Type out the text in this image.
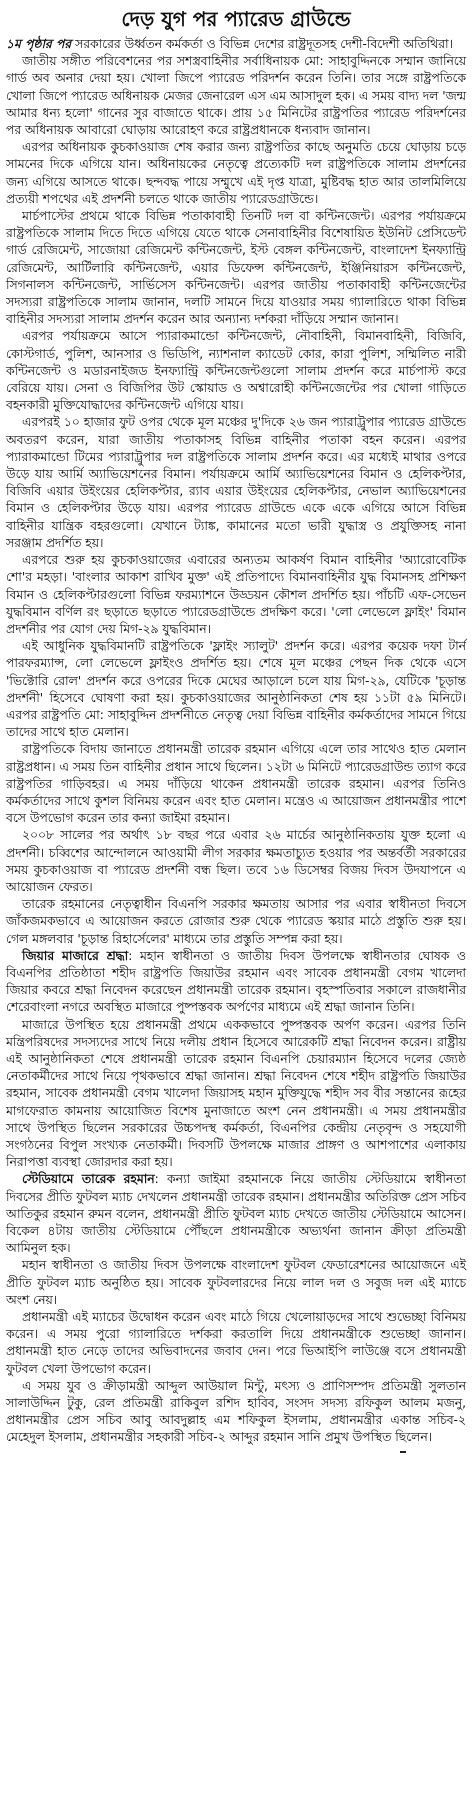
দেড় যুগ পর প্যারেড গ্রাউন্ডে

১ম পৃষ্ঠার পর সরকারের উর্ধ্বতন কর্মকর্তা ও বিভিন্ন দেশের রাষ্ট্রদূতসহ দেশী-বিদেশী অতিথিরা।

জাতীয় সঙ্গীত পরিবেশনের পর সশস্ত্রবাহিনীর সর্বাধিনায়ক মো: সাহাবুদ্দিনকে সম্মান জানিয়ে গার্ড অব অনার দেয়া হয়। খোলা জিপে প্যারেড পরিদর্শন করেন তিনি। তার সঙ্গে রাষ্ট্রপতিকে খোলা জিপে প্যারেড অধিনায়ক মেজর জেনারেল এস এম আসাদুল হক। এ সময় বাদ্য দল 'জন্ম আমার ধন্য হলো' গানের সুর বাজাতে থাকে। প্রায় ১৫ মিনিটের রাষ্ট্রপতির প্যারেড পরিদর্শনের পর অধিনায়ক আবারো ঘোড়ায় আরোহণ করে রাষ্ট্রপ্রধানকে ধন্যবাদ জানান।

এরপর অধিনায়ক কুচকাওয়াজ শেষ করার জন্য রাষ্ট্রপতির কাছে অনুমতি চেয়ে ঘোড়ায় চড়ে সামনের দিকে এগিয়ে যান। অধিনায়কের নেতৃত্বে প্রত্যেকটি দল রাষ্ট্রপতিকে সালাম প্রদর্শনের জন্য এগিয়ে আসতে থাকে। ছন্দবদ্ধ পায়ে সম্মুখে এই দৃপ্ত যাত্রা, মুষ্টিবদ্ধ হাত আর তালমিলিয়ে প্রত্যয়ী শপথের এই প্রদর্শনী চলতে থাকে জাতীয় প্যারেডগ্রাউন্ডে।

মার্চপাস্টের প্রথমে থাকে বিভিন্ন পতাকাবাহী তিনটি দল বা কন্টিনজেন্ট। এরপর পর্যায়ক্রমে রাষ্ট্রপতিকে সালাম দিতে দিতে এগিয়ে যেতে থাকে সেনাবাহিনীর বিশেষায়িত ইউনিট প্রেসিডেন্ট গার্ড রেজিমেন্ট, সাজোয়া রেজিমেন্ট কন্টিনজেন্ট, ইস্ট বেঙ্গল কন্টিনজেন্ট, বাংলাদেশ ইনফ্যান্ট্রি রেজিমেন্ট, আর্টিলারি কন্টিনজেন্ট, এয়ার ডিফেন্স কন্টিনজেন্ট, ইঞ্জিনিয়ারস কন্টিনজেন্ট, সিগনালস কন্টিনজেন্ট, সার্ভিসেস কন্টিনজেন্ট। এরপর জাতীয় পতাকাবাহী কন্টিনজেন্টের সদস্যরা রাষ্ট্রপতিকে সালাম জানান, দলটি সামনে দিয়ে যাওয়ার সময় গ্যালারিতে থাকা বিভিন্ন বাহিনীর সদস্যরা সালাম প্রদর্শন করেন আর অন্যান্য দর্শকরা দাঁড়িয়ে সম্মান জানান।

এরপর পর্যায়ক্রমে আসে প্যারাকমান্ডো কন্টিনজেন্ট, নৌবাহিনী, বিমানবাহিনী, বিজিবি, কোস্টগার্ড, পুলিশ, আনসার ও ভিডিপি, ন্যাশনাল ক্যাডেট কোর, কারা পুলিশ, সম্মিলিত নারী কন্টিনজেন্ট ও মডারনাইজড ইনফ্যান্ট্রি কন্টিনজেন্টগুলো সালাম প্রদর্শন করে মার্চপাস্ট করে বেরিয়ে যায়। সেনা ও বিজিপির উট স্কোয়াড ও অশ্বারোহী কন্টিনজেন্টের পর খোলা গাড়িতে বহনকারী মুক্তিযোদ্ধাদের কন্টিনজেন্ট এগিয়ে যায়।

এরপরই ১০ হাজার ফুট ওপর থেকে মূল মঞ্চের দু'দিকে ২৬ জন প্যারাট্রুপার প্যারেড গ্রাউন্ডে অবতরণ করেন, যারা জাতীয় পতাকাসহ বিভিন্ন বাহিনীর পতাকা বহন করেন। এরপর প্যারাকমান্ডো টিমের প্যারাট্রুপার দল রাষ্ট্রপতিকে সালাম প্রদর্শন করে। এর মধ্যেই মাথার ওপরে উড়ে যায় আর্মি অ্যাভিয়েশনের বিমান। পর্যায়ক্রমে আর্মি অ্যাভিয়েশনের বিমান ও হেলিকপ্টার, বিজিবি এয়ার উইংয়ের হেলিকপ্টার, র‍্যাব এয়ার উইংয়ের হেলিকপ্টার, নেভাল অ্যাভিয়েশনের বিমান ও হেলিকপ্টার উড়ে যায়। এরপর প্যারেড গ্রাউন্ডে একে একে এগিয়ে আসে বিভিন্ন বাহিনীর যান্ত্রিক বহরগুলো। যেখানে ট্যাঙ্ক, কামানের মতো ভারী যুদ্ধাস্ত্র ও প্রযুক্তিসহ নানা সরঞ্জাম প্রদর্শিত হয়।

এরপরে শুরু হয় কুচকাওয়াজের এবারের অন্যতম আকর্ষণ বিমান বাহিনীর 'অ্যারোবেটিক শো'র মহড়া। 'বাংলার আকাশ রাখিব মুক্ত' এই প্রতিপাদ্যে বিমানবাহিনীর যুদ্ধ বিমানসহ প্রশিক্ষণ বিমান ও হেলিকপ্টারগুলো বিভিন্ন ফরম্যাশনে উড্ডয়ন কৌশল প্রদর্শিত হয়। পাঁচটি এফ-সেভেন যুদ্ধবিমান বর্ণিল রং ছড়াতে ছড়াতে প্যারেডগ্রাউন্ডে প্রদক্ষিণ করে। 'লো লেভেলে ফ্লাইং' বিমান প্রদর্শনীর পর যোগ দেয় মিগ-২৯ যুদ্ধবিমান।

এই আধুনিক যুদ্ধবিমানটি রাষ্ট্রপতিকে 'ফ্লাইং স্যালুট' প্রদর্শন করে। এরপর কয়েক দফা টার্ন পারফরম্যান্স, লো লেভেলে ফ্লাইংও প্রদর্শিত হয়। শেষে মূল মঞ্চের পেছন দিক থেকে এসে 'ভিক্টোরি রোল' প্রদর্শন করে ওপরের দিকে মেঘের আড়ালে চলে যায় মিগ-২৯, যেটিকে 'চূড়ান্ত প্রদর্শনী' হিসেবে ঘোষণা করা হয়। কুচকাওয়াজের আনুষ্ঠানিকতা শেষ হয় ১১টা ৫৯ মিনিটে। এরপর রাষ্ট্রপতি মো: সাহাবুদ্দিন প্রদর্শনীতে নেতৃত্ব দেয়া বিভিন্ন বাহিনীর কর্মকর্তাদের সামনে গিয়ে তাদের সাথে হাত মেলান।

রাষ্ট্রপতিকে বিদায় জানাতে প্রধানমন্ত্রী তারেক রহমান এগিয়ে এলে তার সাথেও হাত মেলান রাষ্ট্রপ্রধান। এ সময় তিন বাহিনীর প্রধান সাথে ছিলেন। ১২টা ৬ মিনিটে প্যারেডগ্রাউন্ড ত্যাগ করে রাষ্ট্রপতির গাড়িবহর। এ সময় দাঁড়িয়ে থাকেন প্রধানমন্ত্রী তারেক রহমান। এরপর তিনিও কর্মকর্তাদের সাথে কুশল বিনিময় করেন এবং হাত মেলান। মন্ত্রেও এ আয়োজন প্রধানমন্ত্রীর পাশে বসে উপভোগ করেন তার কন্যা জাইমা রহমান।

২০০৮ সালের পর অর্থাৎ ১৮ বছর পরে এবার ২৬ মার্চের আনুষ্ঠানিকতায় যুক্ত হলো এ প্রদর্শনী। চব্বিশের আন্দোলনে আওয়ামী লীগ সরকার ক্ষমতাচ্যুত হওয়ার পর অন্তর্বর্তী সরকারের সময় কুচকাওয়াজ বা প্যারেড প্রদর্শনী বন্ধ ছিল। তবে ১৬ ডিসেম্বর বিজয় দিবস উদযাপনে এ আয়োজন ফেরত।

তারেক রহমানের নেতৃত্বাধীন বিএনপি সরকার ক্ষমতায় আসার পর এবার স্বাধীনতা দিবসে জাঁকজমকভাবে এ আয়োজন করতে রোজার শুরু থেকে প্যারেড স্কয়ার মাঠে প্রস্তুতি শুরু হয়। গেল মঙ্গলবার 'চূড়ান্ত রিহার্সেলের' মাধ্যমে তার প্রস্তুতি সম্পন্ন করা হয়।

জিয়ার মাজারে শ্রদ্ধা: মহান স্বাধীনতা ও জাতীয় দিবস উপলক্ষে স্বাধীনতার ঘোষক ও বিএনপির প্রতিষ্ঠাতা শহীদ রাষ্ট্রপতি জিয়াউর রহমান এবং সাবেক প্রধানমন্ত্রী বেগম খালেদা জিয়ার কবরে শ্রদ্ধা নিবেদন করেছেন প্রধানমন্ত্রী তারেক রহমান। বৃহস্পতিবার সকালে রাজধানীর শেরেবাংলা নগরে অবস্থিত মাজারে পুষ্পস্তবক অর্পণের মাধ্যমে এই শ্রদ্ধা জানান তিনি।

মাজারে উপস্থিত হয়ে প্রধানমন্ত্রী প্রথমে এককভাবে পুষ্পস্তবক অর্পণ করেন। এরপর তিনি মন্ত্রিপরিষদের সদস্যদের সাথে নিয়ে দলীয় প্রধান হিসেবে আরেকটি শ্রদ্ধা নিবেদন করেন। রাষ্ট্রীয় এই আনুষ্ঠানিকতা শেষে প্রধানমন্ত্রী তারেক রহমান বিএনপি চেয়ারম্যান হিসেবে দলের জ্যেষ্ঠ নেতাকর্মীদের সাথে নিয়ে পৃথকভাবে শ্রদ্ধা জানান। শ্রদ্ধা নিবেদন শেষে শহীদ রাষ্ট্রপতি জিয়াউর রহমান, সাবেক প্রধানমন্ত্রী বেগম খালেদা জিয়াসহ মহান মুক্তিযুদ্ধে শহীদ সব বীর সন্তানের রূহের মাগফেরাত কামনায় আয়োজিত বিশেষ মুনাজাতে অংশ নেন প্রধানমন্ত্রী। এ সময় প্রধানমন্ত্রীর সাথে উপস্থিত ছিলেন সরকারের উচ্চপদস্থ কর্মকর্তা, বিএনপির কেন্দ্রীয় নেতৃবৃন্দ ও সহযোগী সংগঠনের বিপুল সংখ্যক নেতাকর্মী। দিবসটি উপলক্ষে মাজার প্রাঙ্গণ ও আশপাশের এলাকায় নিরাপত্তা ব্যবস্থা জোরদার করা হয়।

স্টেডিয়ামে তারেক রহমান: কন্যা জাইমা রহমানকে নিয়ে জাতীয় স্টেডিয়ামে স্বাধীনতা দিবসের প্রীতি ফুটবল ম্যাচ দেখলেন প্রধানমন্ত্রী তারেক রহমান। প্রধানমন্ত্রীর অতিরিক্ত প্রেস সচিব আতিকুর রহমান রুমন বলেন, প্রধানমন্ত্রী প্রীতি ফুটবল ম্যাচ দেখতে জাতীয় স্টেডিয়ামে আসেন। বিকেল ৪টায় জাতীয় স্টেডিয়ামে পৌঁছলে প্রধানমন্ত্রীকে অভ্যর্থনা জানান ক্রীড়া প্রতিমন্ত্রী আমিনুল হক।

মহান স্বাধীনতা ও জাতীয় দিবস উপলক্ষে বাংলাদেশ ফুটবল ফেডারেশনের আয়োজনে এই প্রীতি ফুটবল ম্যাচ অনুষ্ঠিত হয়। সাবেক ফুটবলারদের নিয়ে লাল দল ও সবুজ দল এই ম্যাচে অংশ নেয়।

প্রধানমন্ত্রী এই ম্যাচের উদ্বোধন করেন এবং মাঠে গিয়ে খেলোয়াড়দের সাথে শুভেচ্ছা বিনিময় করেন। এ সময় পুরো গ্যালারিতে দর্শকরা করতালি দিয়ে প্রধানমন্ত্রীকে শুভেচ্ছা জানান। প্রধানমন্ত্রী হাত নেড়ে তাদের অভিবাদনের জবাব দেন। পরে ভিআইপি লাউঞ্জে বসে প্রধানমন্ত্রী ফুটবল খেলা উপভোগ করেন।

এ সময় যুব ও ক্রীড়ামন্ত্রী আব্দুল আউয়াল মিন্টু, মৎস্য ও প্রাণিসম্পদ প্রতিমন্ত্রী সুলতান সালাউদ্দিন টুকু, রেল প্রতিমন্ত্রী রাকিবুল রশিদ হাবিব, সংসদ সদস্য রফিকুল আলম মজনু, প্রধানমন্ত্রীর প্রেস সচিব আবু আবদুল্লাহ এম শফিকুল ইসলাম, প্রধানমন্ত্রীর একান্ত সচিব-২ মেহেদুল ইসলাম, প্রধানমন্ত্রীর সহকারী সচিব-২ আব্দুর রহমান সানি প্রমুখ উপস্থিত ছিলেন।
